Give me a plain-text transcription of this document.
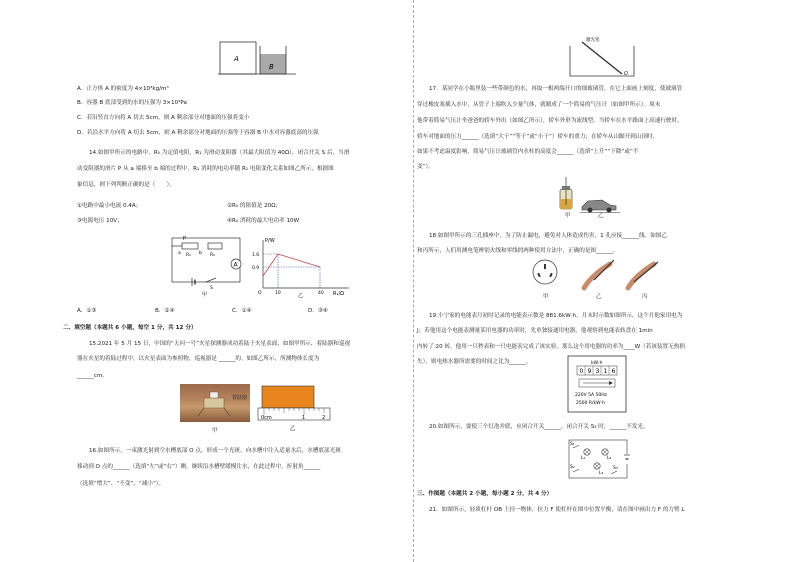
A
B
A．正方体 A 的密度为 4×10³kg/m³
B．容器 B 底部受到的水的压强为 3×10³Pa
C．若沿竖直方向将 A 切去 5cm，则 A 剩余部分对地面的压强将变小
D．若沿水平方向将 A 切去 5cm，则 A 剩余部分对地面的压强等于容器 B 中水对容器底部的压强
14.如图甲所示的电路中，R₀ 为定值电阻，R₁ 为滑动变阻器（其最大阻值为 40Ω），闭合开关 S 后，当滑
动变阻器的滑片 P 从 a 端移至 b 端的过程中，R₁ 消耗的电功率随 R₁ 电阻变化关系如图乙所示，根据图
象信息，则下列判断正确的是（　　）。
①电路中最小电流 0.4A；	②R₀ 的阻值是 20Ω；
③电源电压 10V；	④R₀ 消耗的最大电功率 10W
P
a R₁ b R₀
A
S
甲
P/W
R₁/Ω
O
1.6
0.9
10	40
乙
A．①③	B．②④	C．①④	D．③④
二、填空题（本题共 6 小题，每空 1 分，共 12 分）
15.2021 年 5 月 15 日，中国的“天问一号”火星探测器成功着陆于火星表面，如图甲所示，着陆器和巡视
器在火星的着陆过程中，以火星表面为参照物，巡视器是 ______的。如图乙所示，所测物体长度为
______cm。
着陆器
甲
0cm	1	2
乙
16.如图所示，一束激光射到空水槽底部 O 点，形成一个光斑。向水槽中注入适量水后，水槽底部光斑
移动到 O 点的______（选填“左”或“右”）侧。继续沿水槽壁缓慢注水，在此过程中，折射角______
（选填“增大”、“不变”、“减小”）。
激光笔
O
17．某同学在小瓶里装一些带颜色的水，再取一根两端开口的细玻璃管，在它上面画上刻度，使玻璃管
穿过橡皮塞插入水中，从管子上端吹入少量气体，就制成了一个简易的气压计（如图甲所示）。周末
他带着简易气压计坐爸爸的轿车外出（如图乙所示），轿车外形为流线型。当轿车在水平路面上高速行驶时，
轿车对地面的压力______（选填“大于”“等于”或“小于”）轿车的重力；在轿车从山脚开到山顶时，
如果不考虑温度影响，简易气压计玻璃管内水柱的高度会______（选填“上升”“下降”或“不
变”）。
甲	乙
18.如图甲所示的三孔插座中，为了防止漏电，避免对人体造成伤害，1 孔应接______线。如图乙
和丙所示，人们用测电笔辨别火线和零线的两种使用方法中，正确的是图______。
甲	乙	丙
19.小宁家的电能表月初时记录的电能表示数是 881.6kW·h，月末时示数如图所示，这个月他家用电为
J；若他用这个电能表测量某用电器的功率时，先单独接通用电器，他观察到电能表转盘在 1min
内转了 20 转，他用一只秒表和一只电能表完成了该实验，那么这个用电器的功率为____W（若该装置无热损
失），则电热水器所需要的时间之比为______。	kW·h
0 9 3 1 6
220V 5A 50Hz
2500 R/kW·h
20.如图所示，要使三个灯泡并联，应闭合开关______，闭合开关 S₃ 时，______不发光。
S₁
S₂	S₃
L₁	L₂
L₃
三、作图题（本题共 2 小题，每小题 2 分，共 4 分）
21．如图所示，轻质杠杆 OB 上挂一物体，拉力 F 使杠杆在图中位置平衡，请在图中画出力 F 的力臂 L
